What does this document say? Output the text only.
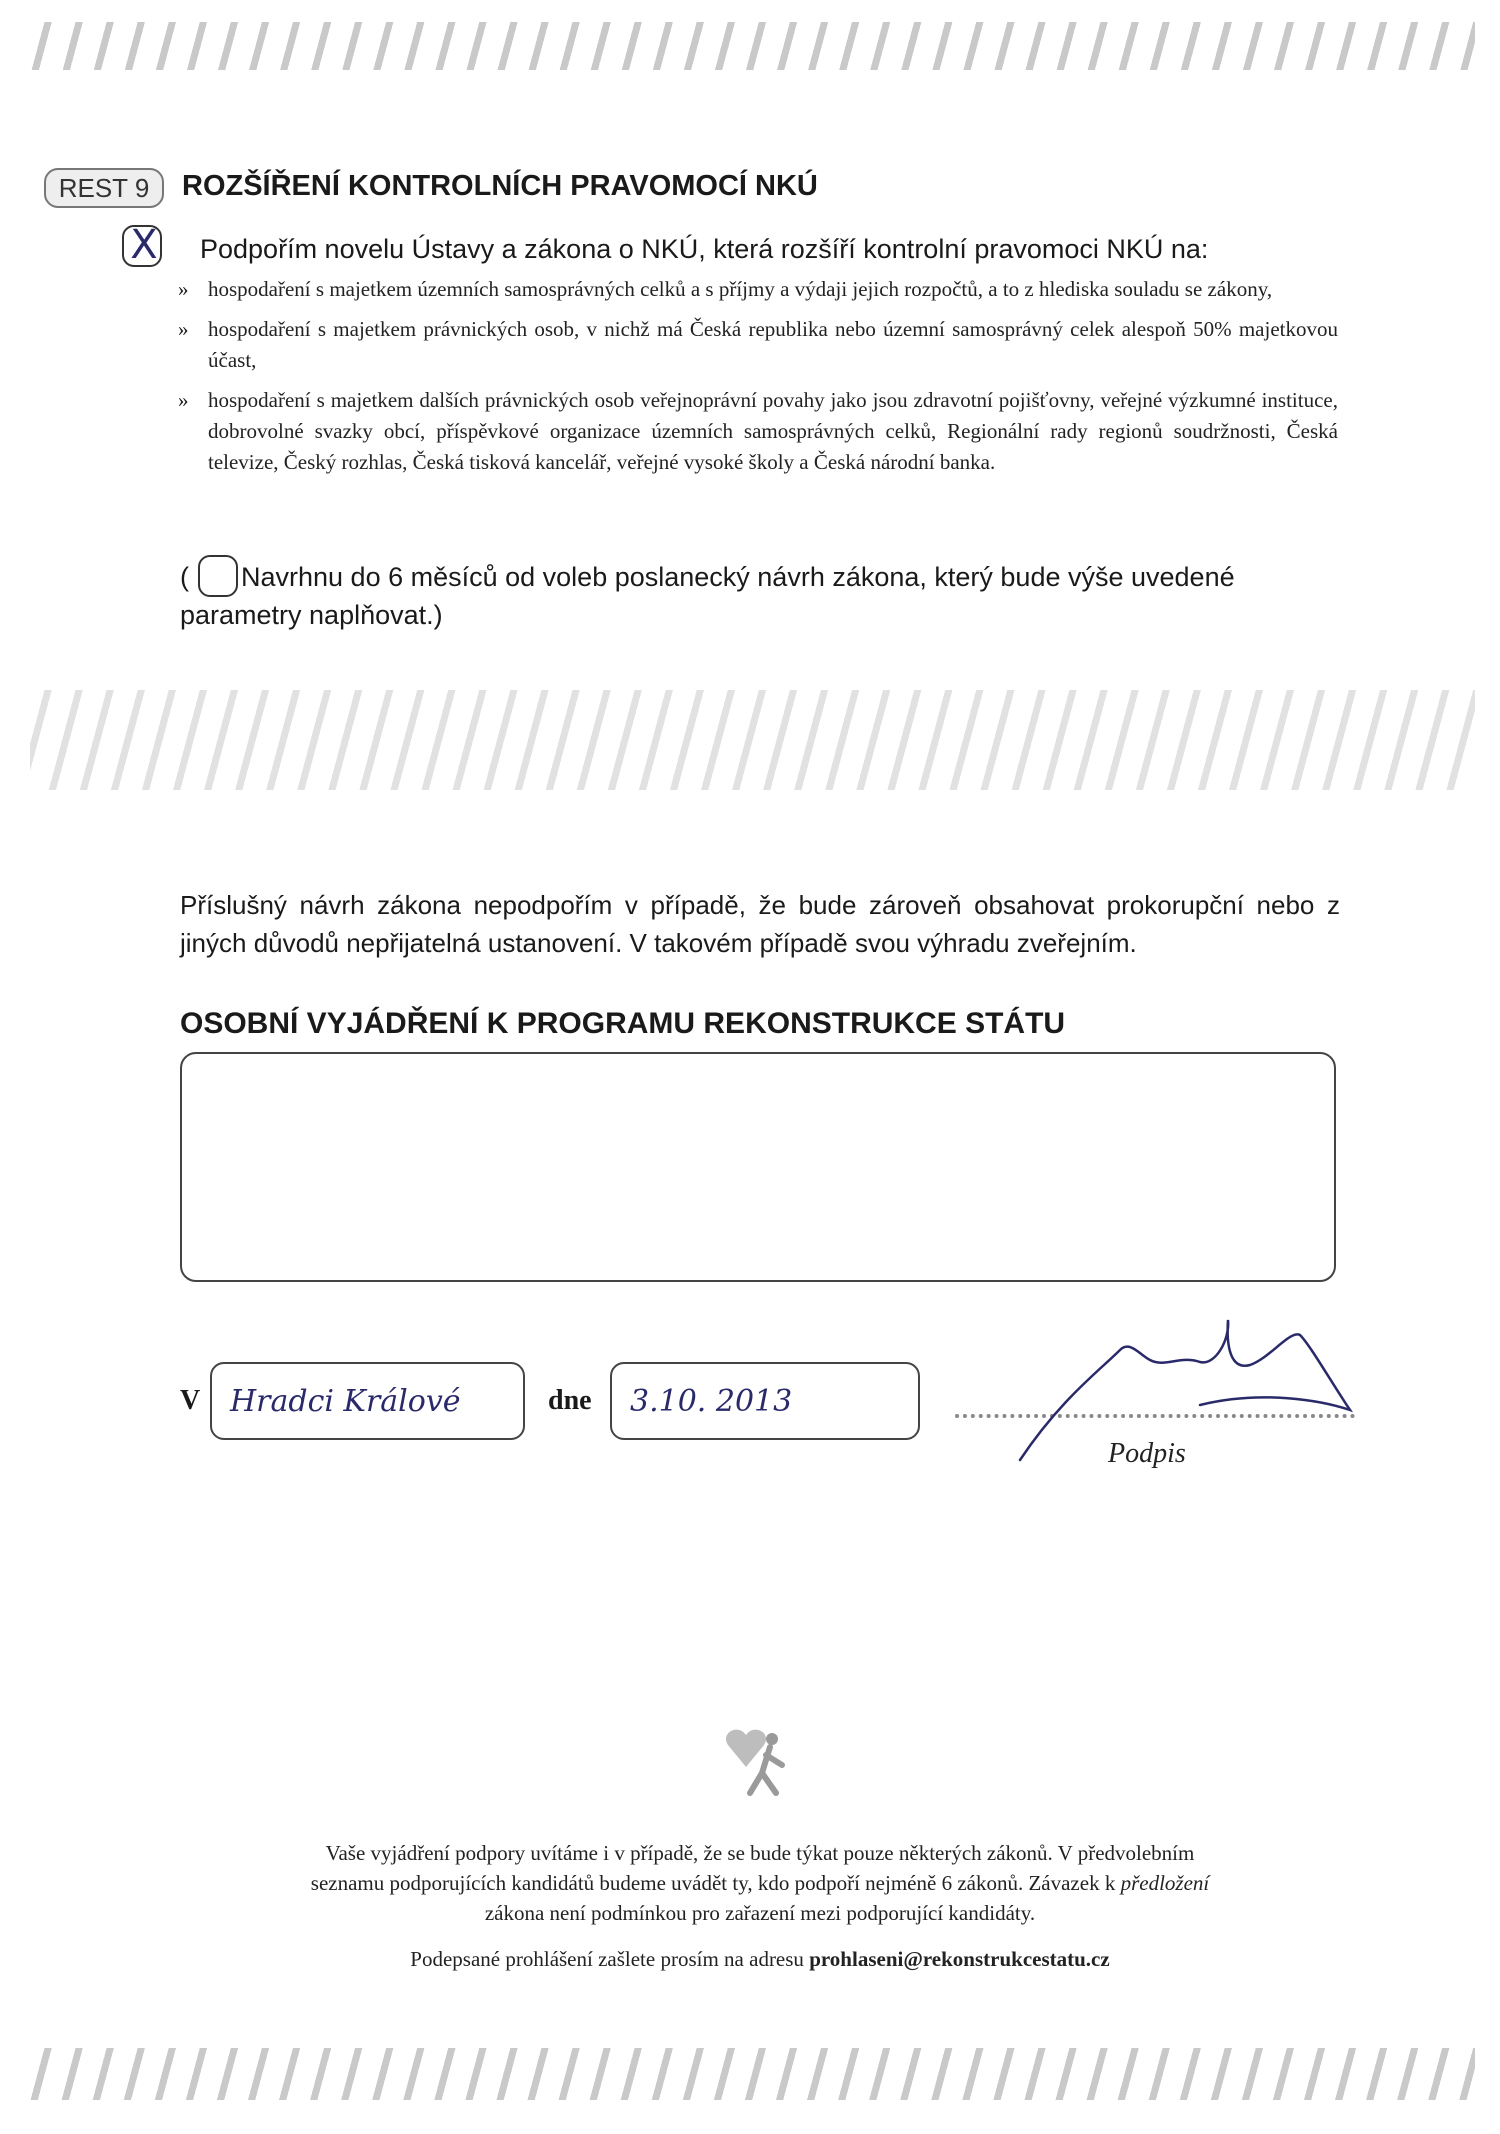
REST 9	ROZŠÍŘENÍ KONTROLNÍCH PRAVOMOCÍ NKÚ
X Podpořím novelu Ústavy a zákona o NKÚ, která rozšíří kontrolní pravomoci NKÚ na:
» hospodaření s majetkem územních samosprávných celků a s příjmy a výdaji jejich rozpočtů, a to z hlediska souladu se zákony,
» hospodaření s majetkem právnických osob, v nichž má Česká republika nebo územní samosprávný celek alespoň 50% majetkovou účast,
» hospodaření s majetkem dalších právnických osob veřejnoprávní povahy jako jsou zdravotní pojišťovny, veřejné výzkumné instituce, dobrovolné svazky obcí, příspěvkové organizace územních samosprávných celků, Regionální rady regionů soudržnosti, Česká televize, Český rozhlas, Česká tisková kancelář, veřejné vysoké školy a Česká národní banka.
( Navrhnu do 6 měsíců od voleb poslanecký návrh zákona, který bude výše uvedené parametry naplňovat.)
Příslušný návrh zákona nepodpořím v případě, že bude zároveň obsahovat prokorupční nebo z jiných důvodů nepřijatelná ustanovení. V takovém případě svou výhradu zveřejním.
OSOBNÍ VYJÁDŘENÍ K PROGRAMU REKONSTRUKCE STÁTU
V Hradci Králové	dne	3.10. 2013
Podpis
Vaše vyjádření podpory uvítáme i v případě, že se bude týkat pouze některých zákonů. V předvolebním
seznamu podporujících kandidátů budeme uvádět ty, kdo podpoří nejméně 6 zákonů. Závazek k předložení
zákona není podmínkou pro zařazení mezi podporující kandidáty.
Podepsané prohlášení zašlete prosím na adresu prohlaseni@rekonstrukcestatu.cz
